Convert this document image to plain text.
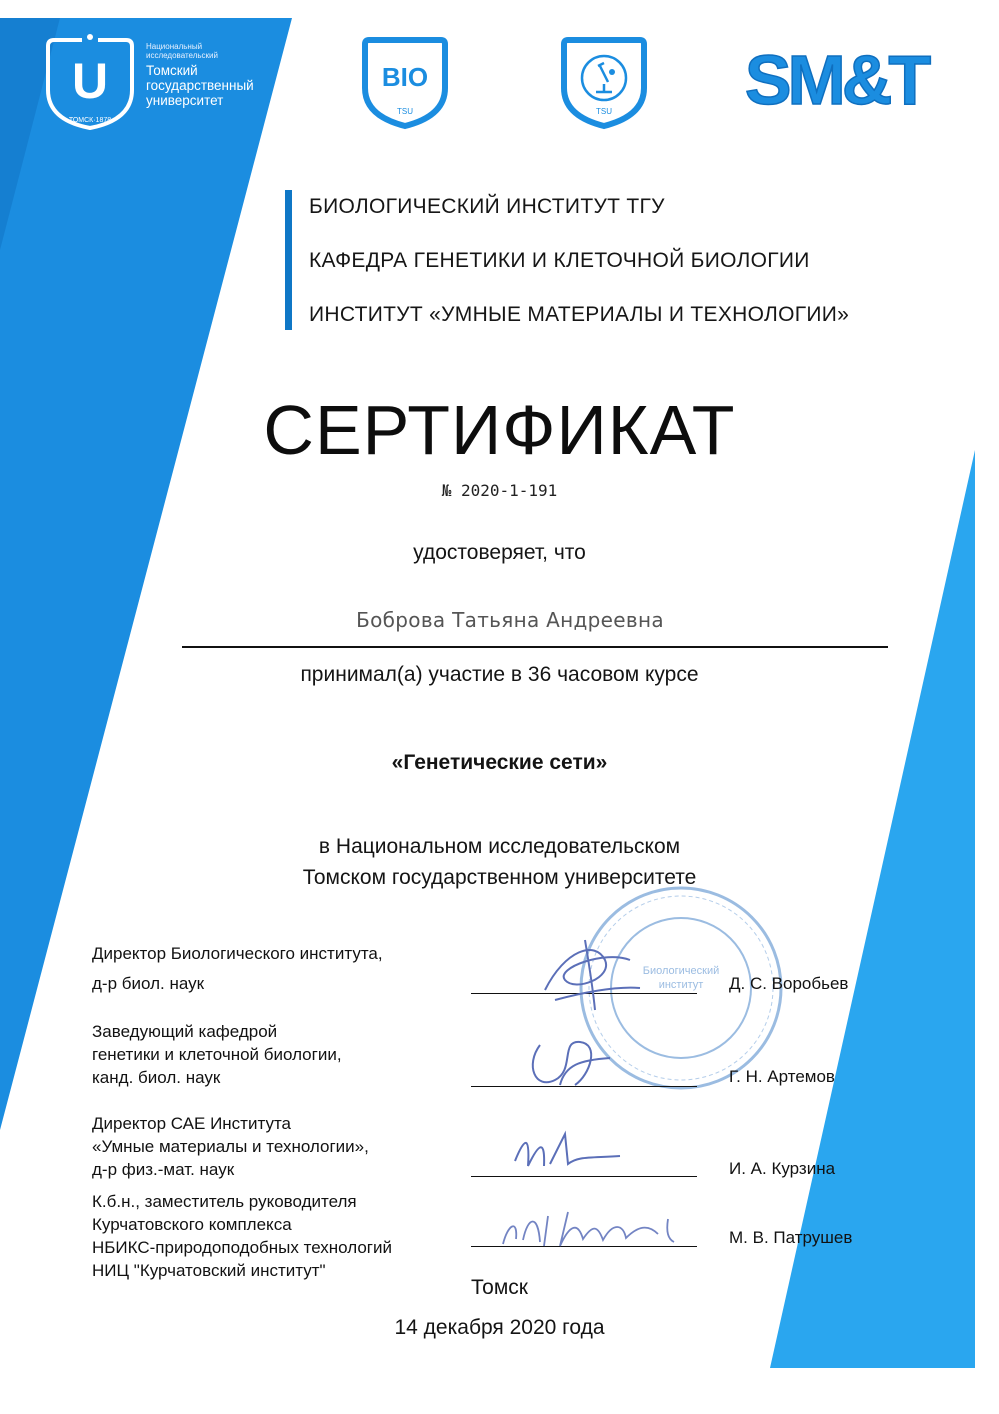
U
ТОМСК·1878
Национальный
исследовательский
Томский
государственный
университет
BIO
TSU	TSU SM&T
БИОЛОГИЧЕСКИЙ ИНСТИТУТ ТГУ
КАФЕДРА ГЕНЕТИКИ И КЛЕТОЧНОЙ БИОЛОГИИ
ИНСТИТУТ «УМНЫЕ МАТЕРИАЛЫ И ТЕХНОЛОГИИ»
СЕРТИФИКАТ
№ 2020-1-191
удостоверяет, что
Боброва Татьяна Андреевна
принимал(а) участие в 36 часовом курсе
«Генетические сети»
в Национальном исследовательском
Томском государственном университете
Биологический
институт
Директор Биологического института,
д-р биол. наук	Д. С. Воробьев
Заведующий кафедрой
генетики и клеточной биологии,
канд. биол. наук	Г. Н. Артемов
Директор САЕ Института
«Умные материалы и технологии»,
д-р физ.-мат. наук	И. А. Курзина
К.б.н., заместитель руководителя
Курчатовского комплекса
НБИКС-природоподобных технологий
НИЦ "Курчатовский институт"
М. В. Патрушев
Томск
14 декабря 2020 года
